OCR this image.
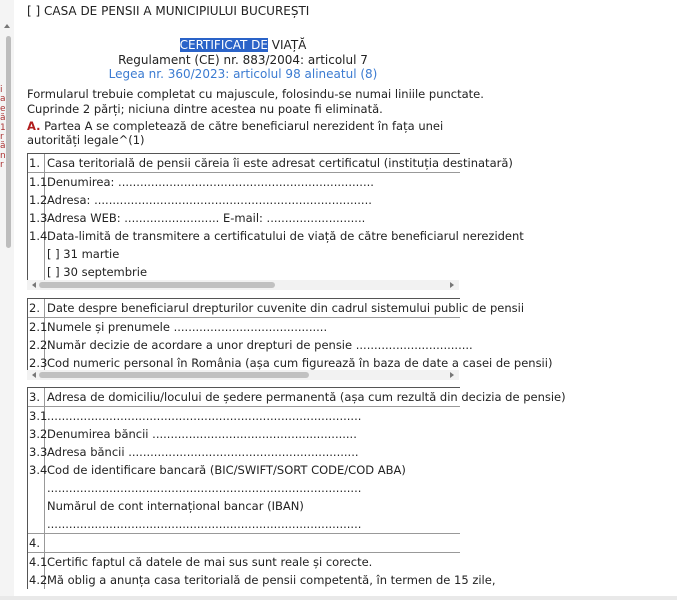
i
a
e
ă
1
r
ă
n
r
[ ] CASA DE PENSII A MUNICIPIULUI BUCUREȘTI
CERTIFICAT DE VIAȚĂ
Regulament (CE) nr. 883/2004: articolul 7
Legea nr. 360/2023: articolul 98 alineatul (8)
Formularul trebuie completat cu majuscule, folosindu-se numai liniile punctate.
Cuprinde 2 părți; niciuna dintre acestea nu poate fi eliminată.
A. Partea A se completează de către beneficiarul nerezident în fața unei
autorități legale^(1)
1. Casa teritorială de pensii căreia îi este adresat certificatul (instituția destinatară)
1.1 Denumirea: ......................................................................
1.2 Adresa: ............................................................................
1.3 Adresa WEB: .......................... E-mail: ...........................
1.4 Data-limită de transmitere a certificatului de viață de către beneficiarul nerezident
[ ] 31 martie
[ ] 30 septembrie
2. Date despre beneficiarul drepturilor cuvenite din cadrul sistemului public de pensii
2.1 Numele și prenumele ..........................................
2.2 Număr decizie de acordare a unor drepturi de pensie ................................
2.3 Cod numeric personal în România (așa cum figurează în baza de date a casei de pensii)
3. Adresa de domiciliu/locului de ședere permanentă (așa cum rezultă din decizia de pensie)
3.1 ......................................................................................
3.2 Denumirea băncii ........................................................
3.3 Adresa băncii ...............................................................
3.4 Cod de identificare bancară (BIC/SWIFT/SORT CODE/COD ABA)
......................................................................................
Numărul de cont internațional bancar (IBAN)
......................................................................................
4.
4.1 Certific faptul că datele de mai sus sunt reale și corecte.
4.2 Mă oblig a anunța casa teritorială de pensii competentă, în termen de 15 zile,
